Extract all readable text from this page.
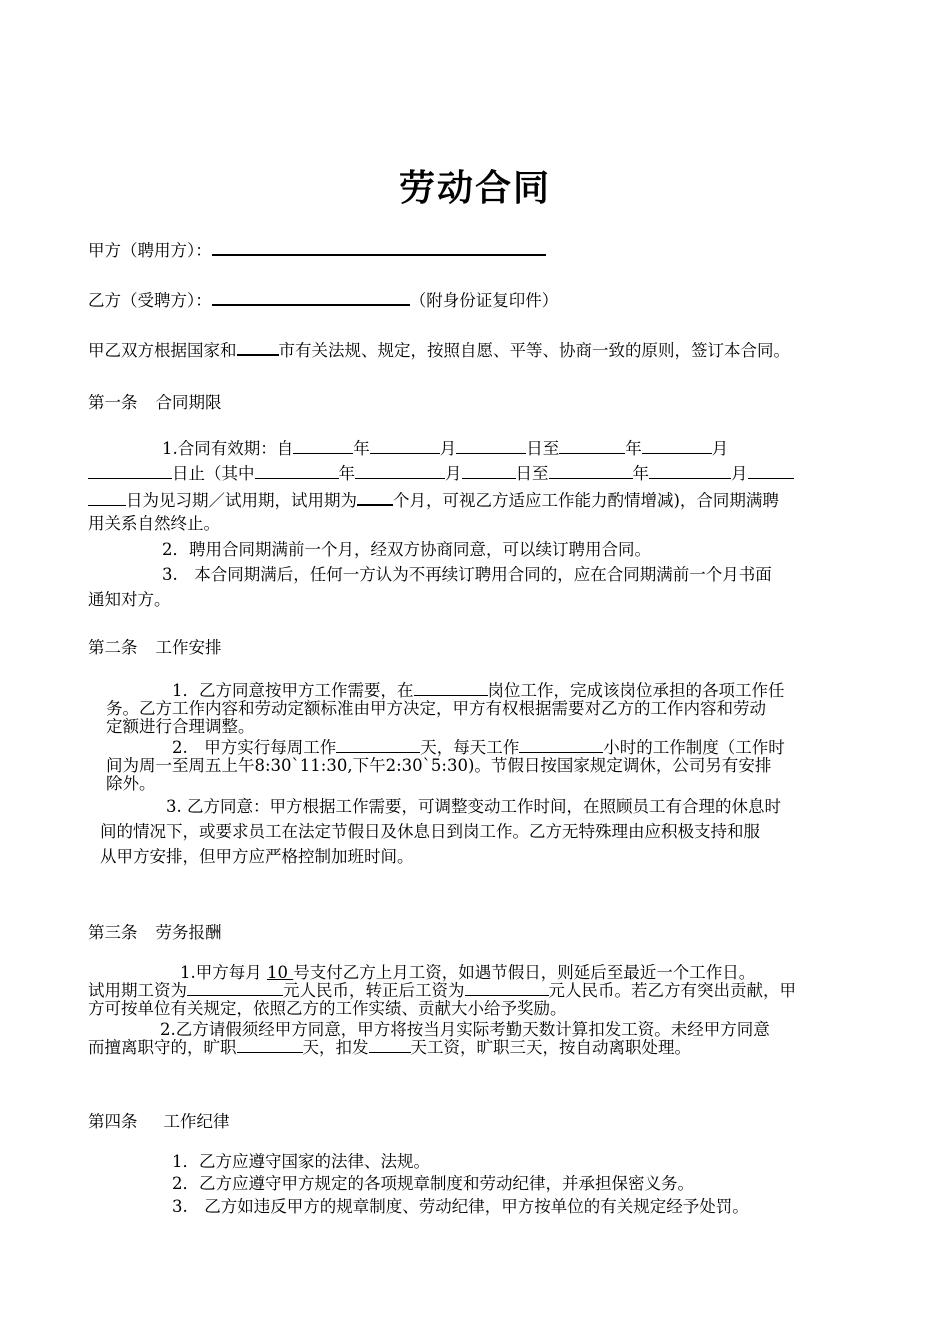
劳动合同
甲方（聘用方）：
乙方（受聘方）：	（附身份证复印件）
甲乙双方根据国家和	市有关法规、规定，按照自愿、平等、协商一致的原则，签订本合同。
第一条 合同期限
1.合同有效期：自	年	月	日至	年	月
日止（其中	年	月	日至	年	月
日为见习期／试用期，试用期为 个月，可视乙方适应工作能力酌情增减)，合同期满聘
用关系自然终止。
2．聘用合同期满前一个月，经双方协商同意，可以续订聘用合同。
3.　本合同期满后，任何一方认为不再续订聘用合同的，应在合同期满前一个月书面
通知对方。
第二条 工作安排
1．乙方同意按甲方工作需要，在	岗位工作，完成该岗位承担的各项工作任
务。乙方工作内容和劳动定额标准由甲方决定，甲方有权根据需要对乙方的工作内容和劳动
定额进行合理调整。
2.　甲方实行每周工作	天，每天工作	小时的工作制度（工作时
间为周一至周五上午8:30`11:30,下午2:30`5:30)。节假日按国家规定调休，公司另有安排
除外。
3. 乙方同意：甲方根据工作需要，可调整变动工作时间，在照顾员工有合理的休息时
间的情况下，或要求员工在法定节假日及休息日到岗工作。乙方无特殊理由应积极支持和服
从甲方安排，但甲方应严格控制加班时间。
第三条 劳务报酬
1.甲方每月 10 号支付乙方上月工资，如遇节假日，则延后至最近一个工作日。
试用期工资为	元人民币，转正后工资为	元人民币。若乙方有突出贡献，甲
方可按单位有关规定，依照乙方的工作实绩、贡献大小给予奖励。
2.乙方请假须经甲方同意，甲方将按当月实际考勤天数计算扣发工资。未经甲方同意
而擅离职守的，旷职	天，扣发	天工资，旷职三天，按自动离职处理。
第四条 工作纪律
1．乙方应遵守国家的法律、法规。
2．乙方应遵守甲方规定的各项规章制度和劳动纪律，并承担保密义务。
3.　乙方如违反甲方的规章制度、劳动纪律，甲方按单位的有关规定经予处罚。
